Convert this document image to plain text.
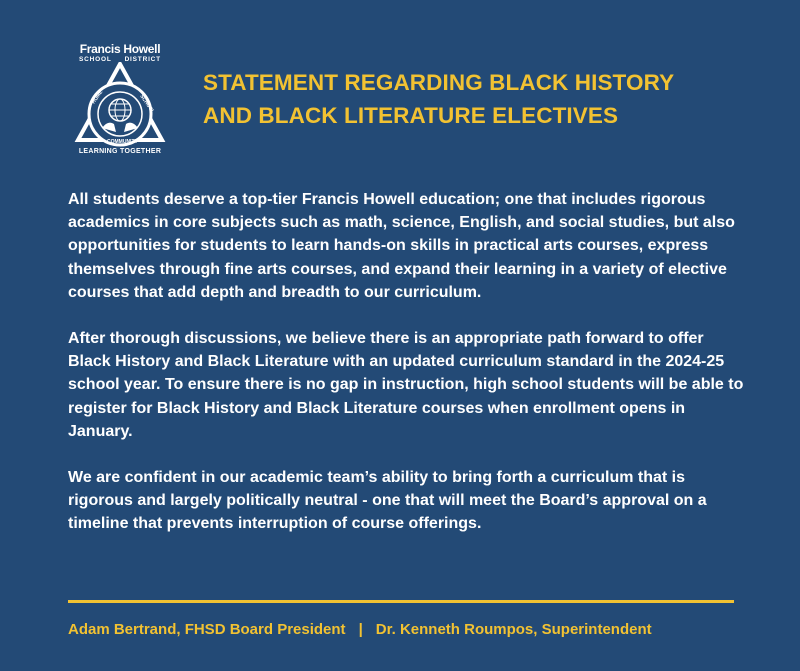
Francis Howell
SCHOOL     DISTRICT
HOME	SCHOOL
COMMUNITY
LEARNING TOGETHER
STATEMENT REGARDING BLACK HISTORY
AND BLACK LITERATURE ELECTIVES

All students deserve a top-tier Francis Howell education; one that includes rigorous academics in core subjects such as math, science, English, and social studies, but also opportunities for students to learn hands-on skills in practical arts courses, express themselves through fine arts courses, and expand their learning in a variety of elective courses that add depth and breadth to our curriculum.

After thorough discussions, we believe there is an appropriate path forward to offer Black History and Black Literature with an updated curriculum standard in the 2024-25 school year. To ensure there is no gap in instruction, high school students will be able to register for Black History and Black Literature courses when enrollment opens in January.

We are confident in our academic team’s ability to bring forth a curriculum that is rigorous and largely politically neutral - one that will meet the Board’s approval on a timeline that prevents interruption of course offerings.

Adam Bertrand, FHSD Board President | Dr. Kenneth Roumpos, Superintendent
